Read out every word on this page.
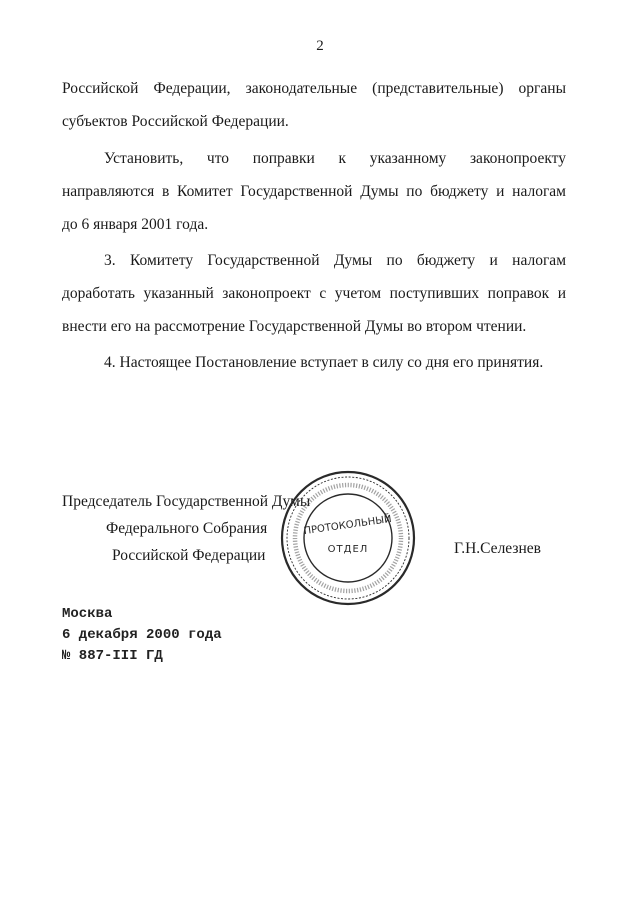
2
Российской Федерации, законодательные (представительные) органы
субъектов Российской Федерации.
Установить, что поправки к указанному законопроекту
направляются в Комитет Государственной Думы по бюджету и налогам
до 6 января 2001 года.
3. Комитету Государственной Думы по бюджету и налогам
доработать указанный законопроект с учетом поступивших поправок и
внести его на рассмотрение Государственной Думы во втором чтении.
4. Настоящее Постановление вступает в силу со дня его принятия.
Председатель Государственной Думы
Федерального Собрания
Российской Федерации
ПРОТОКОЛЬНЫЙ
ОТДЕЛ	Г.Н.Селезнев
Москва
6 декабря 2000 года
№ 887-III ГД
